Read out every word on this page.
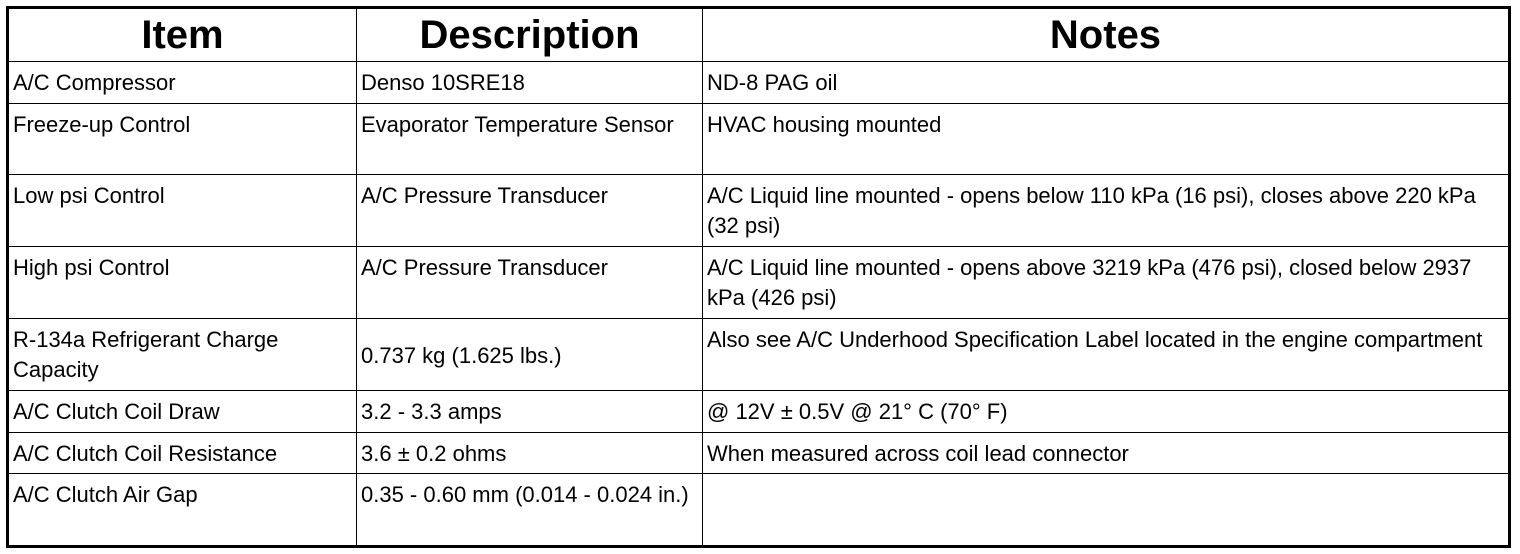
Item	Description	Notes
A/C Compressor	Denso 10SRE18	ND-8 PAG oil
Freeze-up Control	Evaporator Temperature Sensor	HVAC housing mounted
Low psi Control	A/C Pressure Transducer	A/C Liquid line mounted - opens below 110 kPa (16 psi), closes above 220 kPa (32 psi)
High psi Control	A/C Pressure Transducer	A/C Liquid line mounted - opens above 3219 kPa (476 psi), closed below 2937 kPa (426 psi)
R-134a Refrigerant Charge Capacity	0.737 kg (1.625 lbs.)	Also see A/C Underhood Specification Label located in the engine compartment
A/C Clutch Coil Draw	3.2 - 3.3 amps	@ 12V ± 0.5V @ 21° C (70° F)
A/C Clutch Coil Resistance	3.6 ± 0.2 ohms	When measured across coil lead connector
A/C Clutch Air Gap	0.35 - 0.60 mm (0.014 - 0.024 in.)	
